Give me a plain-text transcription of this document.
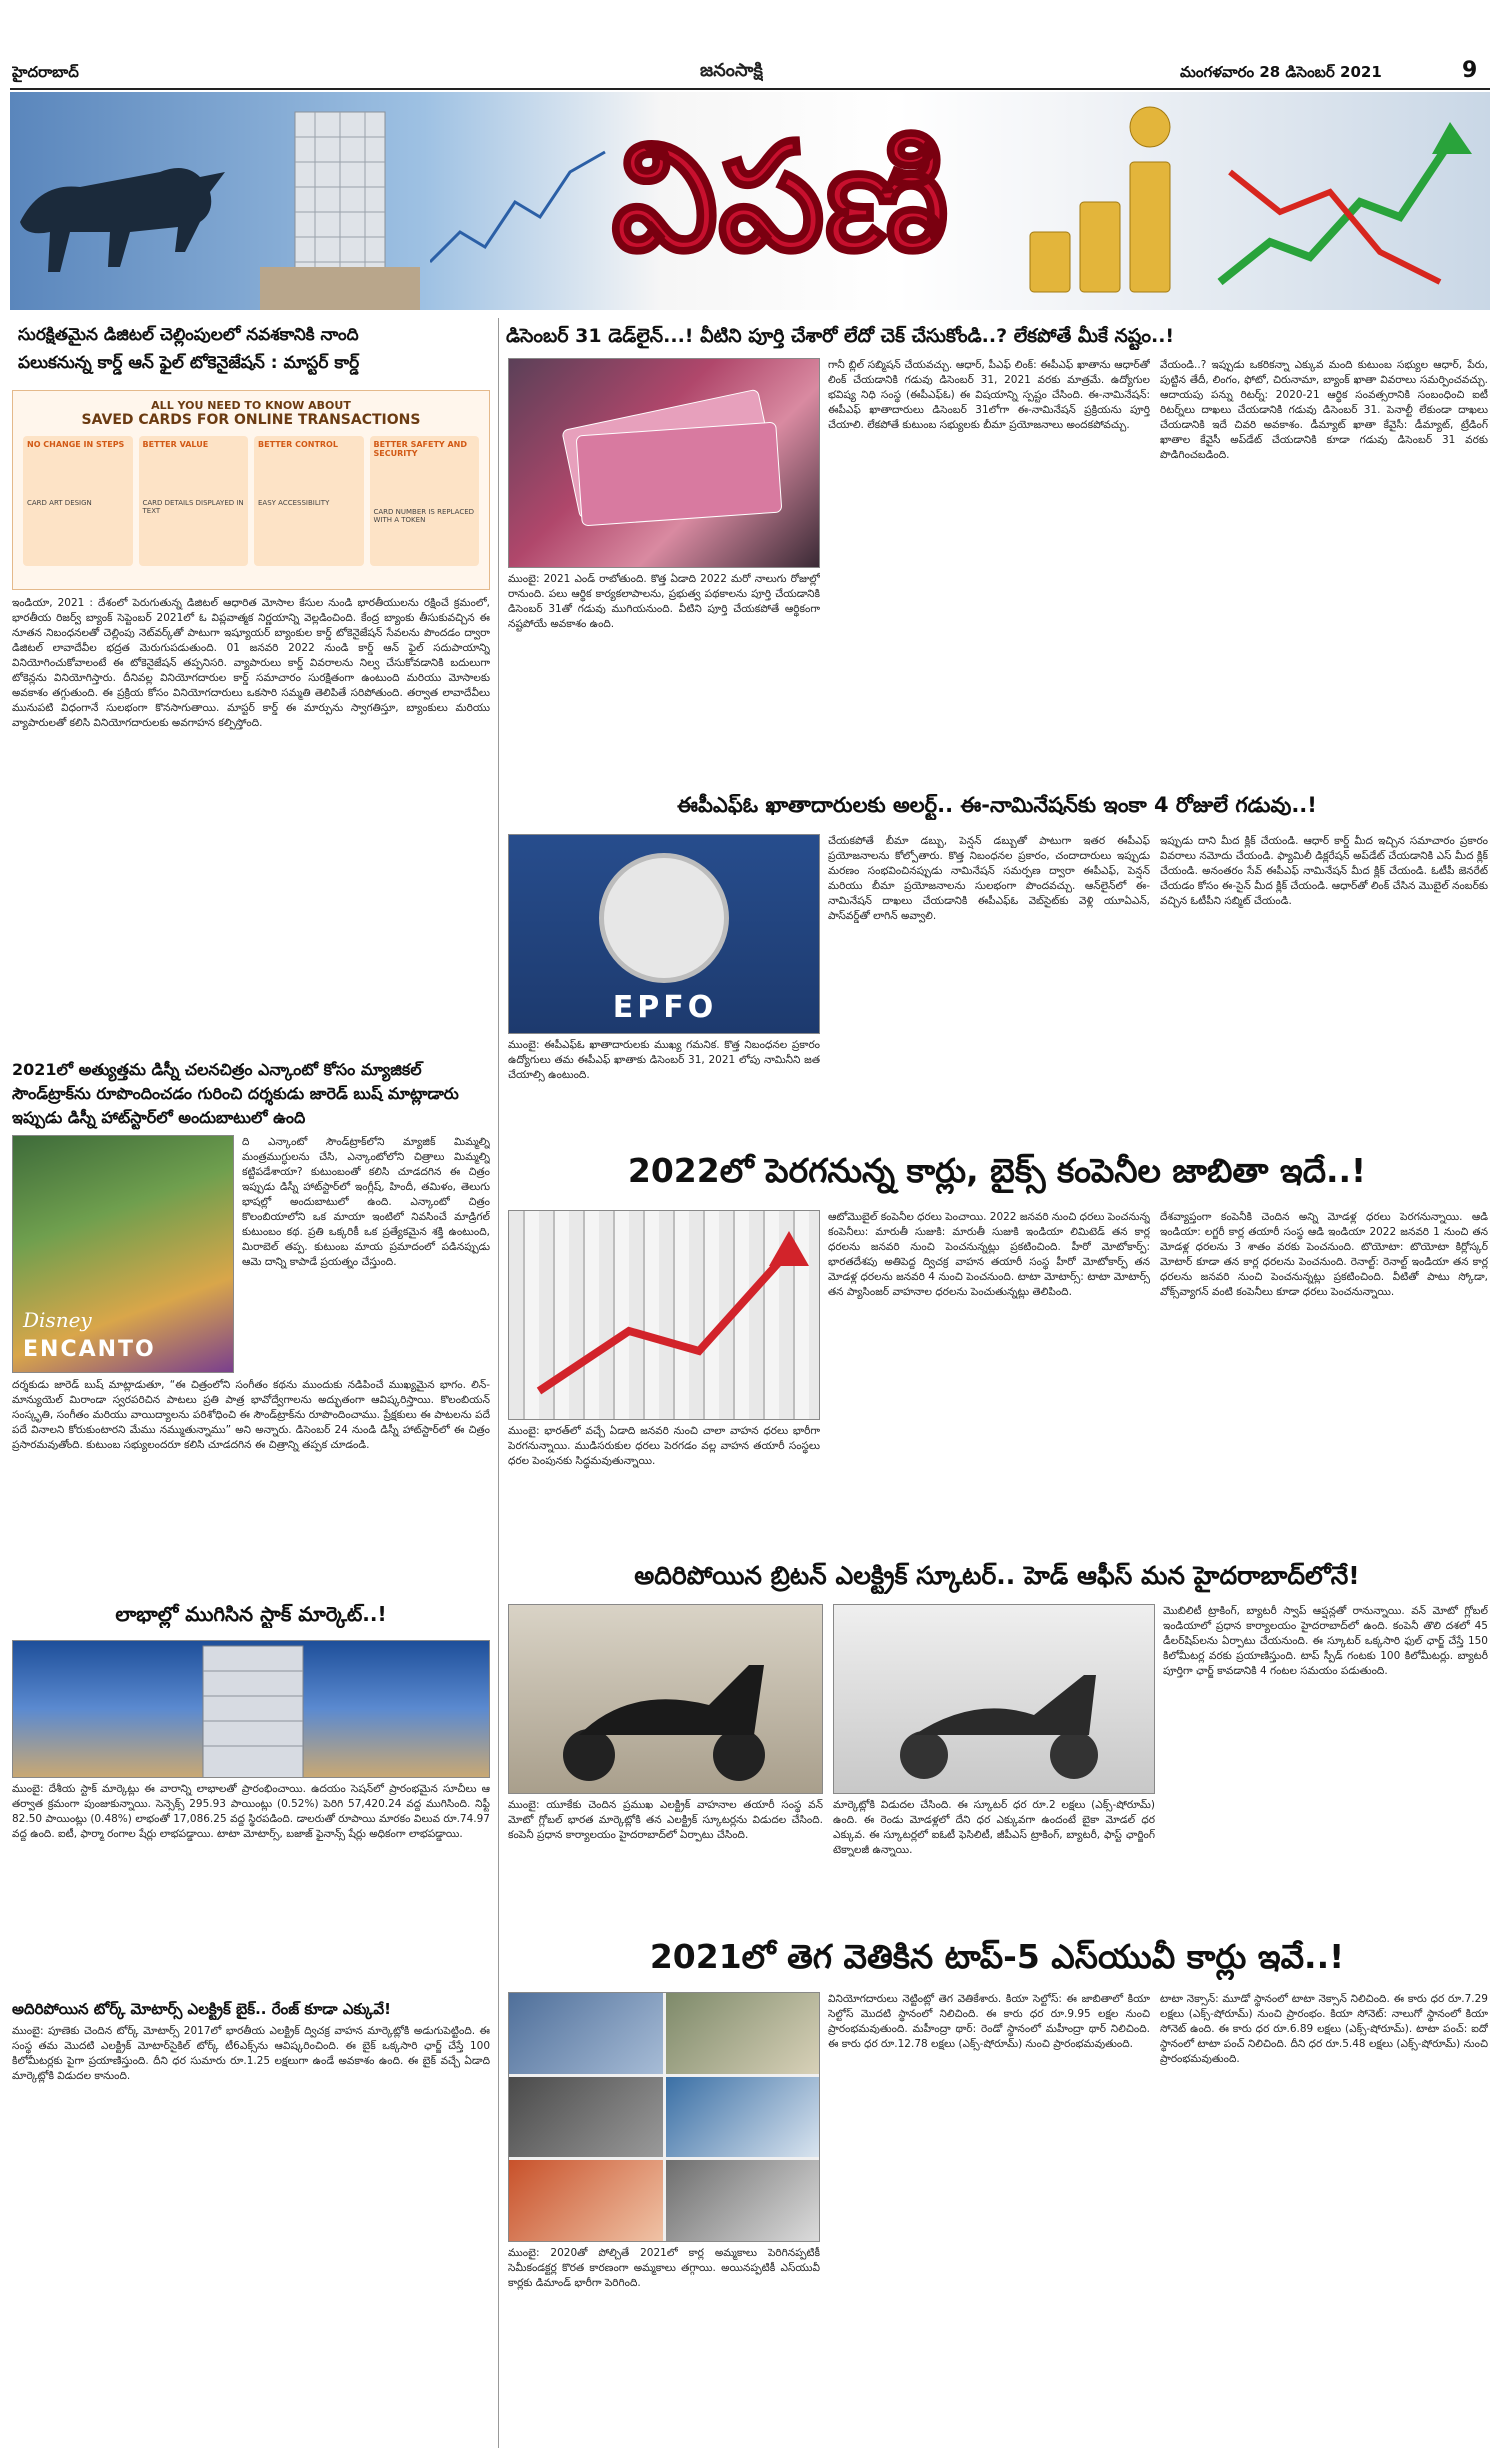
హైదరాబాద్	జనంసాక్షి	మంగళవారం 28 డిసెంబర్ 2021	9
విపణి
సురక్షితమైన డిజిటల్ చెల్లింపులలో నవశకానికి నాంది
పలుకనున్న కార్డ్ ఆన్ ఫైల్ టోకెనైజేషన్ : మాస్టర్ కార్డ్
ALL YOU NEED TO KNOW ABOUT
SAVED CARDS FOR ONLINE TRANSACTIONS
NO CHANGE IN STEPS
CARD ART DESIGN
BETTER VALUE
CARD DETAILS DISPLAYED IN TEXT
BETTER CONTROL
EASY ACCESSIBILITY
BETTER SAFETY AND SECURITY
CARD NUMBER IS REPLACED WITH A TOKEN
ఇండియా, 2021 : దేశంలో పెరుగుతున్న డిజిటల్ ఆధారిత మోసాల కేసుల నుండి భారతీయులను రక్షించే క్రమంలో, భారతీయ రిజర్వ్ బ్యాంక్ సెప్టెంబర్ 2021లో ఓ విప్లవాత్మక నిర్ణయాన్ని వెల్లడించింది. కేంద్ర బ్యాంకు తీసుకువచ్చిన ఈ నూతన నిబంధనలతో చెల్లింపు నెట్‌వర్క్‌తో పాటుగా ఇష్యూయర్ బ్యాంకుల కార్డ్ టోకెనైజేషన్ సేవలను పొందడం ద్వారా డిజిటల్ లావాదేవీల భద్రత మెరుగుపడుతుంది. 01 జనవరి 2022 నుండి కార్డ్ ఆన్ ఫైల్ సదుపాయాన్ని వినియోగించుకోవాలంటే ఈ టోకెనైజేషన్ తప్పనిసరి. వ్యాపారులు కార్డ్ వివరాలను నిల్వ చేసుకోవడానికి బదులుగా టోకెన్లను వినియోగిస్తారు. దీనివల్ల వినియోగదారుల కార్డ్ సమాచారం సురక్షితంగా ఉంటుంది మరియు మోసాలకు అవకాశం తగ్గుతుంది. ఈ ప్రక్రియ కోసం వినియోగదారులు ఒకసారి సమ్మతి తెలిపితే సరిపోతుంది. తర్వాత లావాదేవీలు మునుపటి విధంగానే సులభంగా కొనసాగుతాయి. మాస్టర్ కార్డ్ ఈ మార్పును స్వాగతిస్తూ, బ్యాంకులు మరియు వ్యాపారులతో కలిసి వినియోగదారులకు అవగాహన కల్పిస్తోంది.
2021లో అత్యుత్తమ డిస్నీ చలనచిత్రం ఎన్కాంటో కోసం మ్యాజికల్ సౌండ్‌ట్రాక్‌ను రూపొందించడం గురించి దర్శకుడు జారెడ్ బుష్ మాట్లాడారు ఇప్పుడు డిస్నీ హాట్‌స్టార్‌లో అందుబాటులో ఉంది
Disney
ENCANTO
ది ఎన్కాంటో సౌండ్‌ట్రాక్‌లోని మ్యాజిక్ మిమ్మల్ని మంత్రముగ్ధులను చేసి, ఎన్కాంటోలోని చిత్రాలు మిమ్మల్ని కట్టిపడేశాయా? కుటుంబంతో కలిసి చూడదగిన ఈ చిత్రం ఇప్పుడు డిస్నీ హాట్‌స్టార్‌లో ఇంగ్లీష్, హిందీ, తమిళం, తెలుగు భాషల్లో అందుబాటులో ఉంది. ఎన్కాంటో చిత్రం కొలంబియాలోని ఒక మాయా ఇంటిలో నివసించే మాడ్రిగల్ కుటుంబం కథ. ప్రతి ఒక్కరికీ ఒక ప్రత్యేకమైన శక్తి ఉంటుంది, మిరాబెల్ తప్ప. కుటుంబ మాయ ప్రమాదంలో పడినప్పుడు ఆమె దాన్ని కాపాడే ప్రయత్నం చేస్తుంది.
దర్శకుడు జారెడ్ బుష్ మాట్లాడుతూ, “ఈ చిత్రంలోని సంగీతం కథను ముందుకు నడిపించే ముఖ్యమైన భాగం. లిన్-మాన్యుయెల్ మిరాండా స్వరపరిచిన పాటలు ప్రతి పాత్ర భావోద్వేగాలను అద్భుతంగా ఆవిష్కరిస్తాయి. కొలంబియన్ సంస్కృతి, సంగీతం మరియు వాయిద్యాలను పరిశోధించి ఈ సౌండ్‌ట్రాక్‌ను రూపొందించాము. ప్రేక్షకులు ఈ పాటలను పదే పదే వినాలని కోరుకుంటారని మేము నమ్ముతున్నాము” అని అన్నారు. డిసెంబర్ 24 నుండి డిస్నీ హాట్‌స్టార్‌లో ఈ చిత్రం ప్రసారమవుతోంది. కుటుంబ సభ్యులందరూ కలిసి చూడదగిన ఈ చిత్రాన్ని తప్పక చూడండి.
లాభాల్లో ముగిసిన స్టాక్ మార్కెట్..!
ముంబై: దేశీయ స్టాక్ మార్కెట్లు ఈ వారాన్ని లాభాలతో ప్రారంభించాయి. ఉదయం సెషన్‌లో ప్రారంభమైన సూచీలు ఆ తర్వాత క్రమంగా పుంజుకున్నాయి. సెన్సెక్స్ 295.93 పాయింట్లు (0.52%) పెరిగి 57,420.24 వద్ద ముగిసింది. నిఫ్టీ 82.50 పాయింట్లు (0.48%) లాభంతో 17,086.25 వద్ద స్థిరపడింది. డాలరుతో రూపాయి మారకం విలువ రూ.74.97 వద్ద ఉంది. ఐటీ, ఫార్మా రంగాల షేర్లు లాభపడ్డాయి. టాటా మోటార్స్, బజాజ్ ఫైనాన్స్ షేర్లు అధికంగా లాభపడ్డాయి.
అదిరిపోయిన టోర్క్ మోటార్స్ ఎలక్ట్రిక్ బైక్.. రేంజ్ కూడా ఎక్కువే!
ముంబై: పూణెకు చెందిన టోర్క్ మోటార్స్ 2017లో భారతీయ ఎలక్ట్రిక్ ద్విచక్ర వాహన మార్కెట్లోకి అడుగుపెట్టింది. ఈ సంస్థ తమ మొదటి ఎలక్ట్రిక్ మోటార్‌సైకిల్ టోర్క్ టీ6ఎక్స్‌ను ఆవిష్కరించింది. ఈ బైక్ ఒక్కసారి ఛార్జ్ చేస్తే 100 కిలోమీటర్లకు పైగా ప్రయాణిస్తుంది. దీని ధర సుమారు రూ.1.25 లక్షలుగా ఉండే అవకాశం ఉంది. ఈ బైక్ వచ్చే ఏడాది మార్కెట్లోకి విడుదల కానుంది.
డిసెంబర్ 31 డెడ్‌లైన్...! వీటిని పూర్తి చేశారో లేదో చెక్ చేసుకోండి..? లేకపోతే మీకే నష్టం..!
ముంబై: 2021 ఎండ్ రాబోతుంది. కొత్త ఏడాది 2022 మరో నాలుగు రోజుల్లో రానుంది. పలు ఆర్థిక కార్యకలాపాలను, ప్రభుత్వ పథకాలను పూర్తి చేయడానికి డిసెంబర్ 31తో గడువు ముగియనుంది. వీటిని పూర్తి చేయకపోతే ఆర్థికంగా నష్టపోయే అవకాశం ఉంది.
గానీ బ్లిల్ సబ్మిషన్ చేయవచ్చు. ఆధార్, పీఎఫ్ లింక్: ఈపీఎఫ్ ఖాతాను ఆధార్‌తో లింక్ చేయడానికి గడువు డిసెంబర్ 31, 2021 వరకు మాత్రమే. ఉద్యోగుల భవిష్య నిధి సంస్థ (ఈపీఎఫ్ఓ) ఈ విషయాన్ని స్పష్టం చేసింది. ఈ-నామినేషన్: ఈపీఎఫ్ ఖాతాదారులు డిసెంబర్ 31లోగా ఈ-నామినేషన్ ప్రక్రియను పూర్తి చేయాలి. లేకపోతే కుటుంబ సభ్యులకు బీమా ప్రయోజనాలు అందకపోవచ్చు.
వేయండి..? ఇప్పుడు ఒకరికన్నా ఎక్కువ మంది కుటుంబ సభ్యుల ఆధార్, పేరు, పుట్టిన తేదీ, లింగం, ఫోటో, చిరునామా, బ్యాంక్ ఖాతా వివరాలు సమర్పించవచ్చు. ఆదాయపు పన్ను రిటర్న్: 2020-21 ఆర్థిక సంవత్సరానికి సంబంధించి ఐటీ రిటర్న్‌లు దాఖలు చేయడానికి గడువు డిసెంబర్ 31. పెనాల్టీ లేకుండా దాఖలు చేయడానికి ఇదే చివరి అవకాశం. డీమ్యాట్ ఖాతా కేవైసీ: డీమ్యాట్, ట్రేడింగ్ ఖాతాల కేవైసీ అప్‌డేట్ చేయడానికి కూడా గడువు డిసెంబర్ 31 వరకు పొడిగించబడింది.
ఈపీఎఫ్ఓ ఖాతాదారులకు అలర్ట్.. ఈ-నామినేషన్‌కు ఇంకా 4 రోజులే గడువు..!
EPFO
ముంబై: ఈపీఎఫ్ఓ ఖాతాదారులకు ముఖ్య గమనిక. కొత్త నిబంధనల ప్రకారం ఉద్యోగులు తమ ఈపీఎఫ్ ఖాతాకు డిసెంబర్ 31, 2021 లోపు నామినీని జత చేయాల్సి ఉంటుంది.
చేయకపోతే బీమా డబ్బు, పెన్షన్ డబ్బుతో పాటుగా ఇతర ఈపీఎఫ్ ప్రయోజనాలను కోల్పోతారు. కొత్త నిబంధనల ప్రకారం, చందాదారులు ఇప్పుడు మరణం సంభవించినప్పుడు నామినేషన్ సమర్పణ ద్వారా ఈపీఎఫ్, పెన్షన్ మరియు బీమా ప్రయోజనాలను సులభంగా పొందవచ్చు. ఆన్‌లైన్‌లో ఈ-నామినేషన్ దాఖలు చేయడానికి ఈపీఎఫ్ఓ వెబ్‌సైట్‌కు వెళ్లి యూఏఎన్, పాస్‌వర్డ్‌తో లాగిన్ అవ్వాలి.
ఇప్పుడు దాని మీద క్లిక్ చేయండి. ఆధార్ కార్డ్ మీద ఇచ్చిన సమాచారం ప్రకారం వివరాలు నమోదు చేయండి. ఫ్యామిలీ డిక్లరేషన్ అప్‌డేట్ చేయడానికి ఎస్ మీద క్లిక్ చేయండి. అనంతరం సేవ్ ఈపీఎఫ్ నామినేషన్ మీద క్లిక్ చేయండి. ఓటీపీ జెనరేట్ చేయడం కోసం ఈ-సైన్ మీద క్లిక్ చేయండి. ఆధార్‌తో లింక్ చేసిన మొబైల్ నంబర్‌కు వచ్చిన ఓటీపీని సబ్మిట్ చేయండి.
2022లో పెరగనున్న కార్లు, బైక్స్ కంపెనీల జాబితా ఇదే..!
ముంబై: భారత్‌లో వచ్చే ఏడాది జనవరి నుంచి చాలా వాహన ధరలు భారీగా పెరగనున్నాయి. ముడిసరుకుల ధరలు పెరగడం వల్ల వాహన తయారీ సంస్థలు ధరల పెంపునకు సిద్ధమవుతున్నాయి.
ఆటోమొబైల్ కంపెనీల ధరలు పెంచాయి. 2022 జనవరి నుంచి ధరలు పెంచనున్న కంపెనీలు: మారుతీ సుజుకి: మారుతీ సుజుకి ఇండియా లిమిటెడ్ తన కార్ల ధరలను జనవరి నుంచి పెంచనున్నట్లు ప్రకటించింది. హీరో మోటోకార్ప్: భారతదేశపు అతిపెద్ద ద్విచక్ర వాహన తయారీ సంస్థ హీరో మోటోకార్ప్ తన మోడళ్ల ధరలను జనవరి 4 నుంచి పెంచనుంది. టాటా మోటార్స్: టాటా మోటార్స్ తన ప్యాసింజర్ వాహనాల ధరలను పెంచుతున్నట్లు తెలిపింది.
దేశవ్యాప్తంగా కంపెనీకి చెందిన అన్ని మోడళ్ల ధరలు పెరగనున్నాయి. ఆడి ఇండియా: లగ్జరీ కార్ల తయారీ సంస్థ ఆడి ఇండియా 2022 జనవరి 1 నుంచి తన మోడళ్ల ధరలను 3 శాతం వరకు పెంచనుంది. టొయోటా: టొయోటా కిర్లోస్కర్ మోటార్ కూడా తన కార్ల ధరలను పెంచనుంది. రెనాల్ట్: రెనాల్ట్ ఇండియా తన కార్ల ధరలను జనవరి నుంచి పెంచనున్నట్లు ప్రకటించింది. వీటితో పాటు స్కోడా, వోక్స్‌వ్యాగన్ వంటి కంపెనీలు కూడా ధరలు పెంచనున్నాయి.
అదిరిపోయిన బ్రిటన్ ఎలక్ట్రిక్ స్కూటర్.. హెడ్ ఆఫీస్ మన హైదరాబాద్‌లోనే!
ముంబై: యూకేకు చెందిన ప్రముఖ ఎలక్ట్రిక్ వాహనాల తయారీ సంస్థ వన్ మోటో గ్లోబల్ భారత మార్కెట్లోకి తన ఎలక్ట్రిక్ స్కూటర్లను విడుదల చేసింది. కంపెనీ ప్రధాన కార్యాలయం హైదరాబాద్‌లో ఏర్పాటు చేసింది.
మార్కెట్లోకి విడుదల చేసింది. ఈ స్కూటర్ ధర రూ.2 లక్షలు (ఎక్స్-షోరూమ్) ఉంది. ఈ రెండు మోడళ్లలో దేని ధర ఎక్కువగా ఉందంటే బైకా మోడల్ ధర ఎక్కువ. ఈ స్కూటర్లలో ఐఓటీ ఫెసిలిటీ, జీపీఎస్ ట్రాకింగ్, బ్యాటరీ, ఫాస్ట్ ఛార్జింగ్ టెక్నాలజీ ఉన్నాయి.
మొబిలిటీ ట్రాకింగ్, బ్యాటరీ స్వాప్ ఆప్షన్లతో రానున్నాయి. వన్ మోటో గ్లోబల్ ఇండియాలో ప్రధాన కార్యాలయం హైదరాబాద్‌లో ఉంది. కంపెనీ తొలి దశలో 45 డీలర్‌షిప్‌లను ఏర్పాటు చేయనుంది. ఈ స్కూటర్ ఒక్కసారి ఫుల్ ఛార్జ్ చేస్తే 150 కిలోమీటర్ల వరకు ప్రయాణిస్తుంది. టాప్ స్పీడ్ గంటకు 100 కిలోమీటర్లు. బ్యాటరీ పూర్తిగా ఛార్జ్ కావడానికి 4 గంటల సమయం పడుతుంది.
2021లో తెగ వెతికిన టాప్-5 ఎస్‌యువీ కార్లు ఇవే..!
ముంబై: 2020తో పోల్చితే 2021లో కార్ల అమ్మకాలు పెరిగినప్పటికీ సెమీకండక్టర్ల కొరత కారణంగా అమ్మకాలు తగ్గాయి. అయినప్పటికీ ఎస్‌యువీ కార్లకు డిమాండ్ భారీగా పెరిగింది.
వినియోగదారులు నెట్టింట్లో తెగ వెతికేశారు. కియా సెల్టోస్: ఈ జాబితాలో కియా సెల్టోస్ మొదటి స్థానంలో నిలిచింది. ఈ కారు ధర రూ.9.95 లక్షల నుంచి ప్రారంభమవుతుంది. మహీంద్రా థార్: రెండో స్థానంలో మహీంద్రా థార్ నిలిచింది. ఈ కారు ధర రూ.12.78 లక్షలు (ఎక్స్-షోరూమ్) నుంచి ప్రారంభమవుతుంది.
టాటా నెక్సాన్: మూడో స్థానంలో టాటా నెక్సాన్ నిలిచింది. ఈ కారు ధర రూ.7.29 లక్షలు (ఎక్స్-షోరూమ్) నుంచి ప్రారంభం. కియా సోనెట్: నాలుగో స్థానంలో కియా సోనెట్ ఉంది. ఈ కారు ధర రూ.6.89 లక్షలు (ఎక్స్-షోరూమ్). టాటా పంచ్: ఐదో స్థానంలో టాటా పంచ్ నిలిచింది. దీని ధర రూ.5.48 లక్షలు (ఎక్స్-షోరూమ్) నుంచి ప్రారంభమవుతుంది.
